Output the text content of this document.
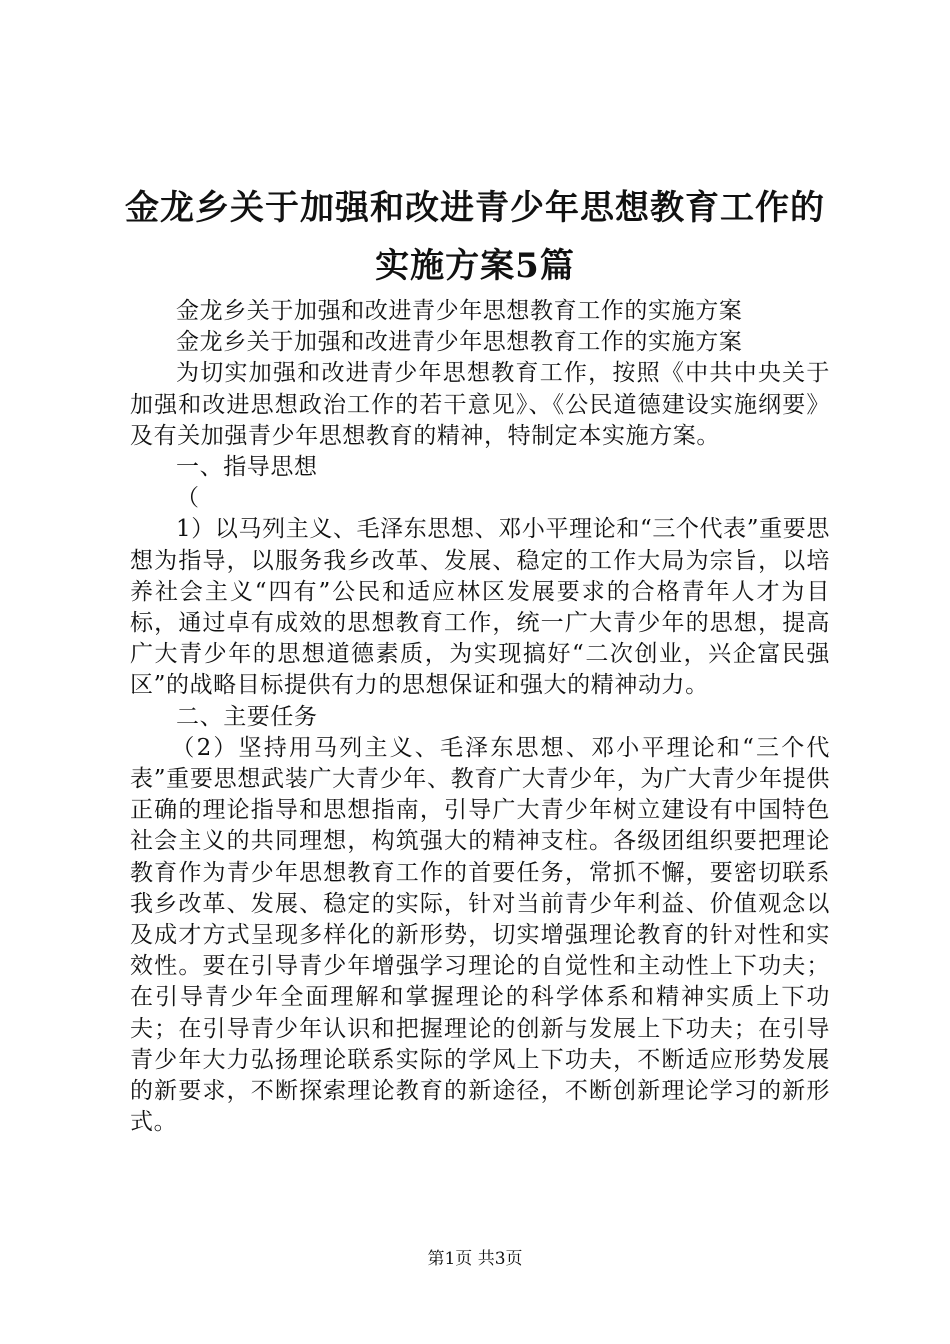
金龙乡关于加强和改进青少年思想教育工作的
实施方案5篇

金龙乡关于加强和改进青少年思想教育工作的实施方案

金龙乡关于加强和改进青少年思想教育工作的实施方案

为切实加强和改进青少年思想教育工作，按照《中共中央关于加强和改进思想政治工作的若干意见》、《公民道德建设实施纲要》及有关加强青少年思想教育的精神，特制定本实施方案。

一、指导思想

（

1）以马列主义、毛泽东思想、邓小平理论和“三个代表”重要思想为指导，以服务我乡改革、发展、稳定的工作大局为宗旨，以培养社会主义“四有”公民和适应林区发展要求的合格青年人才为目标，通过卓有成效的思想教育工作，统一广大青少年的思想，提高广大青少年的思想道德素质，为实现搞好“二次创业，兴企富民强区”的战略目标提供有力的思想保证和强大的精神动力。

二、主要任务

（2）坚持用马列主义、毛泽东思想、邓小平理论和“三个代表”重要思想武装广大青少年、教育广大青少年，为广大青少年提供正确的理论指导和思想指南，引导广大青少年树立建设有中国特色社会主义的共同理想，构筑强大的精神支柱。各级团组织要把理论教育作为青少年思想教育工作的首要任务，常抓不懈，要密切联系我乡改革、发展、稳定的实际，针对当前青少年利益、价值观念以及成才方式呈现多样化的新形势，切实增强理论教育的针对性和实效性。要在引导青少年增强学习理论的自觉性和主动性上下功夫；在引导青少年全面理解和掌握理论的科学体系和精神实质上下功夫；在引导青少年认识和把握理论的创新与发展上下功夫；在引导青少年大力弘扬理论联系实际的学风上下功夫，不断适应形势发展的新要求，不断探索理论教育的新途径，不断创新理论学习的新形式。

第1页 共3页
